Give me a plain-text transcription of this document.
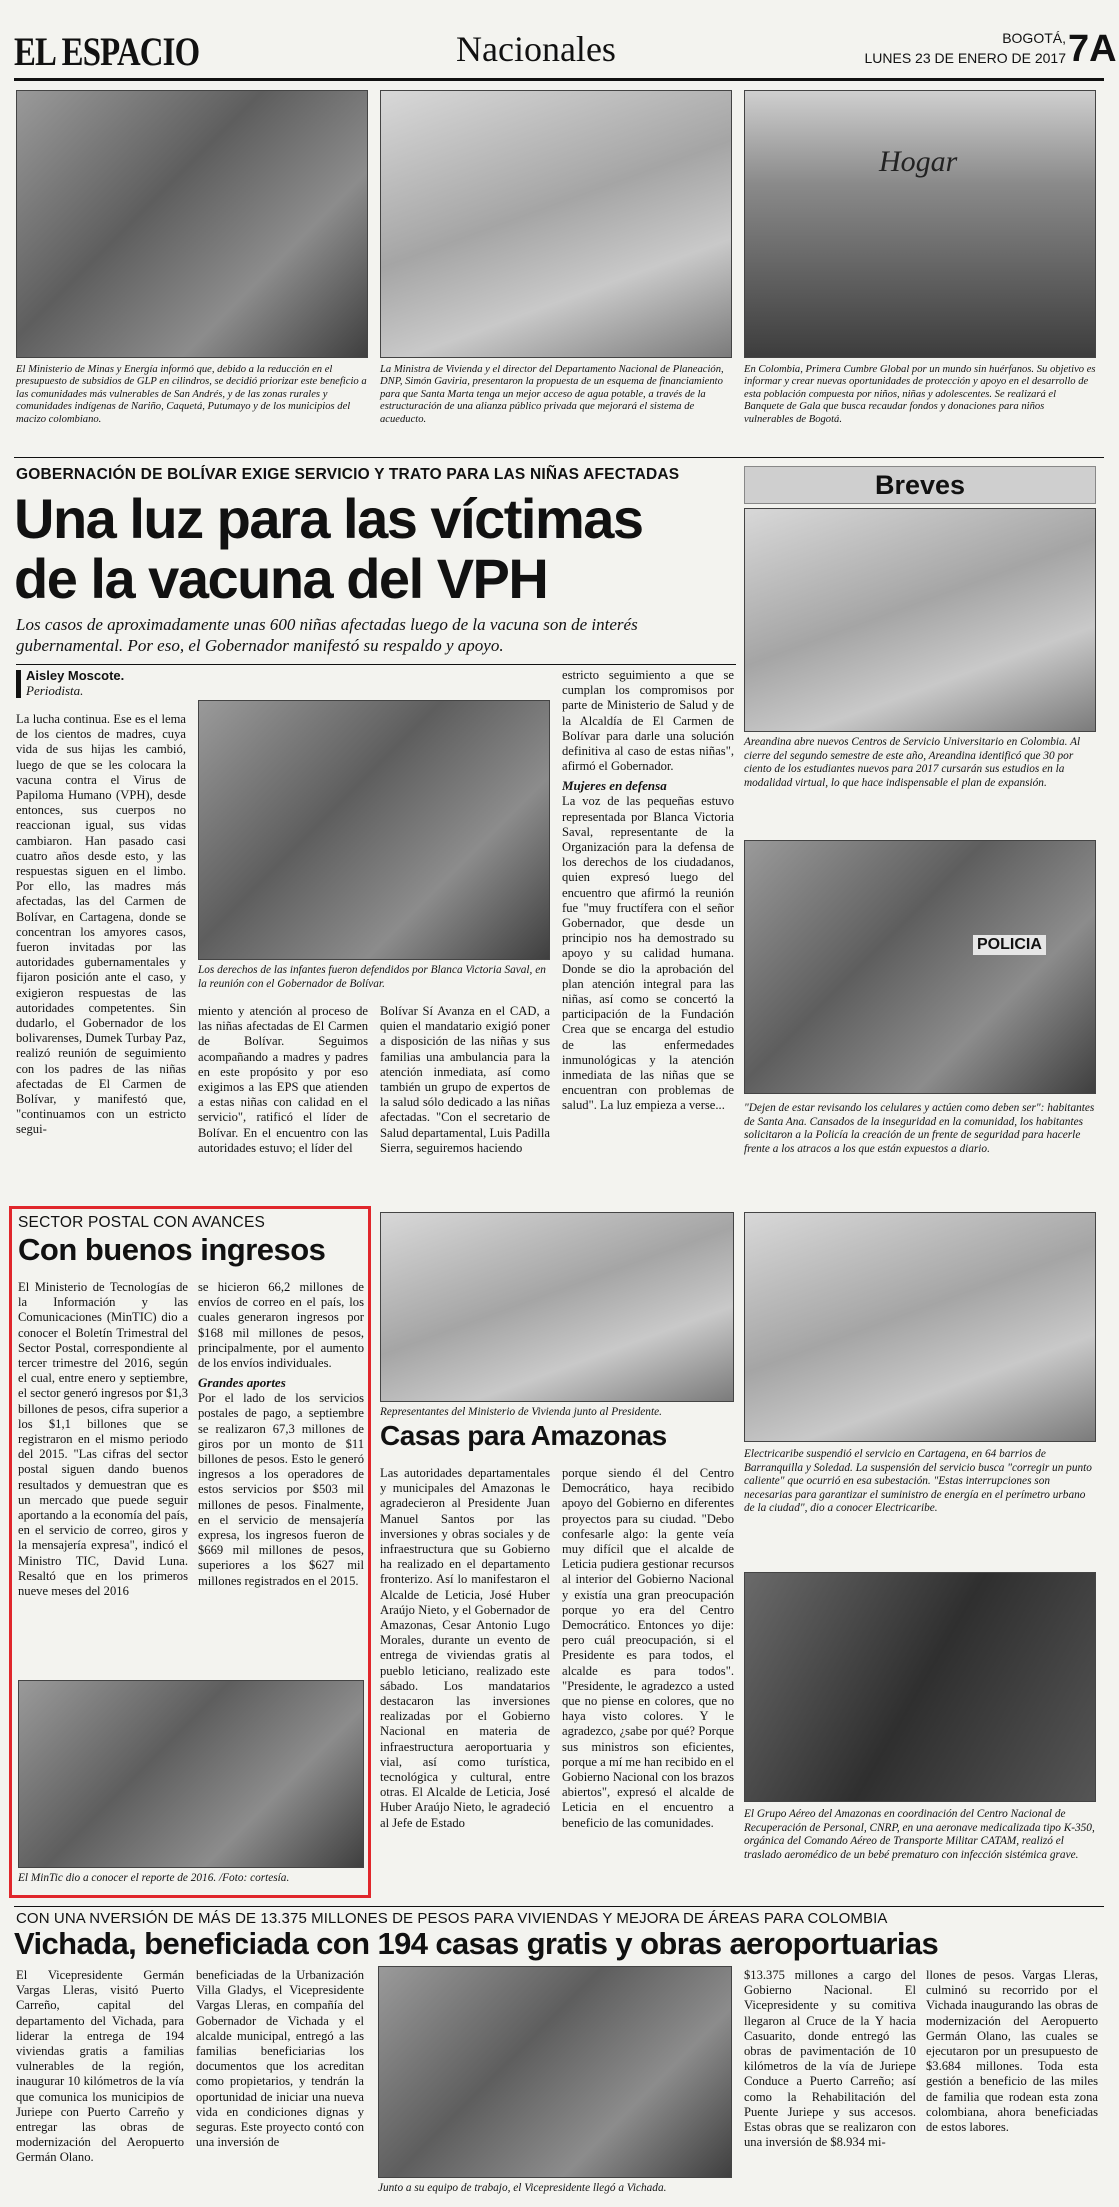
EL ESPACIO	Nacionales	BOGOTÁ,
LUNES 23 DE ENERO DE 2017 7A
El Ministerio de Minas y Energía informó que, debido a la reducción en el presupuesto de subsidios de GLP en cilindros, se decidió priorizar este beneficio a las comunidades más vulnerables de San Andrés, y de las zonas rurales y comunidades indígenas de Nariño, Caquetá, Putumayo y de los municipios del macizo colombiano.
La Ministra de Vivienda y el director del Departamento Nacional de Planeación, DNP, Simón Gaviria, presentaron la propuesta de un esquema de financiamiento para que Santa Marta tenga un mejor acceso de agua potable, a través de la estructuración de una alianza público privada que mejorará el sistema de acueducto.
Hogar
En Colombia, Primera Cumbre Global por un mundo sin huérfanos. Su objetivo es informar y crear nuevas oportunidades de protección y apoyo en el desarrollo de esta población compuesta por niños, niñas y adolescentes. Se realizará el Banquete de Gala que busca recaudar fondos y donaciones para niños vulnerables de Bogotá.
GOBERNACIÓN DE BOLÍVAR EXIGE SERVICIO Y TRATO PARA LAS NIÑAS AFECTADAS
Una luz para las víctimas
de la vacuna del VPH
Los casos de aproximadamente unas 600 niñas afectadas luego de la vacuna son de interés gubernamental. Por eso, el Gobernador manifestó su respaldo y apoyo.
Aisley Moscote.
Periodista.
La lucha continua. Ese es el lema de los cientos de madres, cuya vida de sus hijas les cambió, luego de que se les colocara la vacuna contra el Virus de Papiloma Humano (VPH), desde entonces, sus cuerpos no reaccionan igual, sus vidas cambiaron. Han pasado casi cuatro años desde esto, y las respuestas siguen en el limbo. Por ello, las madres más afectadas, las del Carmen de Bolívar, en Cartagena, donde se concentran los amyores casos, fueron invitadas por las autoridades gubernamentales y fijaron posición ante el caso, y exigieron respuestas de las autoridades competentes. Sin dudarlo, el Gobernador de los bolivarenses, Dumek Turbay Paz, realizó reunión de seguimiento con los padres de las niñas afectadas de El Carmen de Bolívar, y manifestó que, "continuamos con un estricto segui-
Los derechos de las infantes fueron defendidos por Blanca Victoria Saval, en la reunión con el Gobernador de Bolívar.
miento y atención al proceso de las niñas afectadas de El Carmen de Bolívar. Seguimos acompañando a madres y padres en este propósito y por eso exigimos a las EPS que atienden a estas niñas con calidad en el servicio", ratificó el líder de Bolívar. En el encuentro con las autoridades estuvo; el líder del
Bolívar Sí Avanza en el CAD, a quien el mandatario exigió poner a disposición de las niñas y sus familias una ambulancia para la atención inmediata, así como también un grupo de expertos de la salud sólo dedicado a las niñas afectadas. "Con el secretario de Salud departamental, Luis Padilla Sierra, seguiremos haciendo
estricto seguimiento a que se cumplan los compromisos por parte de Ministerio de Salud y de la Alcaldía de El Carmen de Bolívar para darle una solución definitiva al caso de estas niñas", afirmó el Gobernador.
Mujeres en defensa
La voz de las pequeñas estuvo representada por Blanca Victoria Saval, representante de la Organización para la defensa de los derechos de los ciudadanos, quien expresó luego del encuentro que afirmó la reunión fue "muy fructífera con el señor Gobernador, que desde un principio nos ha demostrado su apoyo y su calidad humana. Donde se dio la aprobación del plan atención integral para las niñas, así como se concertó la participación de la Fundación Crea que se encarga del estudio de las enfermedades inmunológicas y la atención inmediata de las niñas que se encuentran con problemas de salud". La luz empieza a verse...
Breves
Areandina abre nuevos Centros de Servicio Universitario en Colombia. Al cierre del segundo semestre de este año, Areandina identificó que 30 por ciento de los estudiantes nuevos para 2017 cursarán sus estudios en la modalidad virtual, lo que hace indispensable el plan de expansión.
POLICIA
"Dejen de estar revisando los celulares y actúen como deben ser": habitantes de Santa Ana. Cansados de la inseguridad en la comunidad, los habitantes solicitaron a la Policía la creación de un frente de seguridad para hacerle frente a los atracos a los que están expuestos a diario.
Electricaribe suspendió el servicio en Cartagena, en 64 barrios de Barranquilla y Soledad. La suspensión del servicio busca "corregir un punto caliente" que ocurrió en esa subestación. "Estas interrupciones son necesarias para garantizar el suministro de energía en el perímetro urbano de la ciudad", dio a conocer Electricaribe.
El Grupo Aéreo del Amazonas en coordinación del Centro Nacional de Recuperación de Personal, CNRP, en una aeronave medicalizada tipo K-350, orgánica del Comando Aéreo de Transporte Militar CATAM, realizó el traslado aeromédico de un bebé prematuro con infección sistémica grave.
SECTOR POSTAL CON AVANCES
Con buenos ingresos
El Ministerio de Tecnologías de la Información y las Comunicaciones (MinTIC) dio a conocer el Boletín Trimestral del Sector Postal, correspondiente al tercer trimestre del 2016, según el cual, entre enero y septiembre, el sector generó ingresos por $1,3 billones de pesos, cifra superior a los $1,1 billones que se registraron en el mismo periodo del 2015. "Las cifras del sector postal siguen dando buenos resultados y demuestran que es un mercado que puede seguir aportando a la economía del país, en el servicio de correo, giros y la mensajería expresa", indicó el Ministro TIC, David Luna. Resaltó que en los primeros nueve meses del 2016
se hicieron 66,2 millones de envíos de correo en el país, los cuales generaron ingresos por $168 mil millones de pesos, principalmente, por el aumento de los envíos individuales.
Grandes aportes
Por el lado de los servicios postales de pago, a septiembre se realizaron 67,3 millones de giros por un monto de $11 billones de pesos. Esto le generó ingresos a los operadores de estos servicios por $503 mil millones de pesos. Finalmente, en el servicio de mensajería expresa, los ingresos fueron de $669 mil millones de pesos, superiores a los $627 mil millones registrados en el 2015.
El MinTic dio a conocer el reporte de 2016. /Foto: cortesía.
Representantes del Ministerio de Vivienda junto al Presidente.
Casas para Amazonas
Las autoridades departamentales y municipales del Amazonas le agradecieron al Presidente Juan Manuel Santos por las inversiones y obras sociales y de infraestructura que su Gobierno ha realizado en el departamento fronterizo. Así lo manifestaron el Alcalde de Leticia, José Huber Araújo Nieto, y el Gobernador de Amazonas, Cesar Antonio Lugo Morales, durante un evento de entrega de viviendas gratis al pueblo leticiano, realizado este sábado. Los mandatarios destacaron las inversiones realizadas por el Gobierno Nacional en materia de infraestructura aeroportuaria y vial, así como turística, tecnológica y cultural, entre otras. El Alcalde de Leticia, José Huber Araújo Nieto, le agradeció al Jefe de Estado
porque siendo él del Centro Democrático, haya recibido apoyo del Gobierno en diferentes proyectos para su ciudad. "Debo confesarle algo: la gente veía muy difícil que el alcalde de Leticia pudiera gestionar recursos al interior del Gobierno Nacional y existía una gran preocupación porque yo era del Centro Democrático. Entonces yo dije: pero cuál preocupación, si el Presidente es para todos, el alcalde es para todos". "Presidente, le agradezco a usted que no piense en colores, que no haya visto colores. Y le agradezco, ¿sabe por qué? Porque sus ministros son eficientes, porque a mí me han recibido en el Gobierno Nacional con los brazos abiertos", expresó el alcalde de Leticia en el encuentro a beneficio de las comunidades.
CON UNA NVERSIÓN DE MÁS DE 13.375 MILLONES DE PESOS PARA VIVIENDAS Y MEJORA DE ÁREAS PARA COLOMBIA
Vichada, beneficiada con 194 casas gratis y obras aeroportuarias
El Vicepresidente Germán Vargas Lleras, visitó Puerto Carreño, capital del departamento del Vichada, para liderar la entrega de 194 viviendas gratis a familias vulnerables de la región, inaugurar 10 kilómetros de la vía que comunica los municipios de Juriepe con Puerto Carreño y entregar las obras de modernización del Aeropuerto Germán Olano.
beneficiadas de la Urbanización Villa Gladys, el Vicepresidente Vargas Lleras, en compañía del Gobernador de Vichada y el alcalde municipal, entregó a las familias beneficiarias los documentos que los acreditan como propietarios, y tendrán la oportunidad de iniciar una nueva vida en condiciones dignas y seguras. Este proyecto contó con una inversión de
Junto a su equipo de trabajo, el Vicepresidente llegó a Vichada.
$13.375 millones a cargo del Gobierno Nacional. El Vicepresidente y su comitiva llegaron al Cruce de la Y hacia Casuarito, donde entregó las obras de pavimentación de 10 kilómetros de la vía de Juriepe Conduce a Puerto Carreño; así como la Rehabilitación del Puente Juriepe y sus accesos. Estas obras que se realizaron con una inversión de $8.934 mi-
llones de pesos. Vargas Lleras, culminó su recorrido por el Vichada inaugurando las obras de modernización del Aeropuerto Germán Olano, las cuales se ejecutaron por un presupuesto de $3.684 millones. Toda esta gestión a beneficio de las miles de familia que rodean esta zona colombiana, ahora beneficiadas de estos labores.
